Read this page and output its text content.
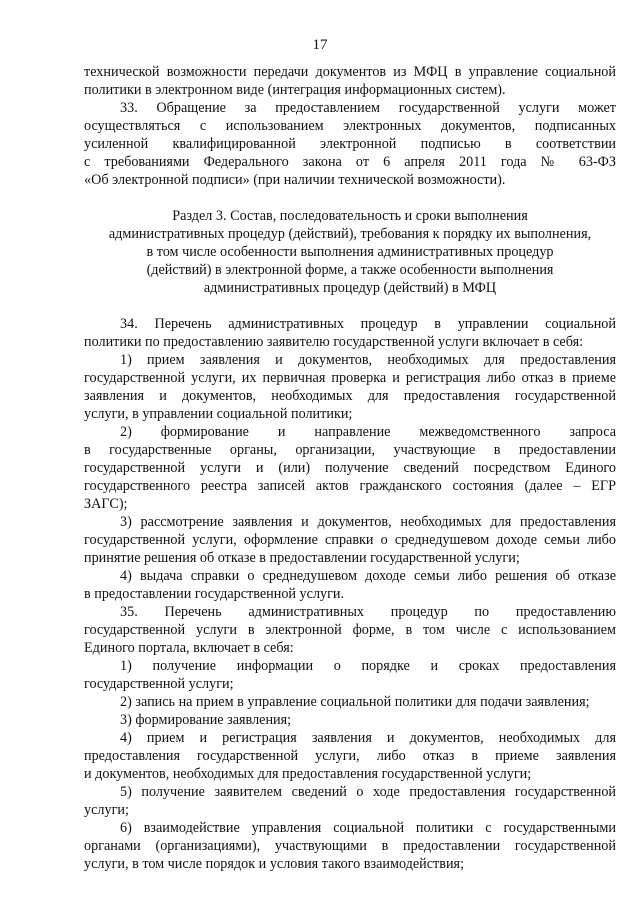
17
технической возможности передачи документов из МФЦ в управление социальной
политики в электронном виде (интеграция информационных систем).
33. Обращение за предоставлением государственной услуги может
осуществляться с использованием электронных документов, подписанных
усиленной квалифицированной электронной подписью в соответствии
с требованиями Федерального закона от 6 апреля 2011 года № 63-ФЗ
«Об электронной подписи» (при наличии технической возможности).
Раздел 3. Состав, последовательность и сроки выполнения
административных процедур (действий), требования к порядку их выполнения,
в том числе особенности выполнения административных процедур
(действий) в электронной форме, а также особенности выполнения
административных процедур (действий) в МФЦ
34. Перечень административных процедур в управлении социальной
политики по предоставлению заявителю государственной услуги включает в себя:
1) прием заявления и документов, необходимых для предоставления
государственной услуги, их первичная проверка и регистрация либо отказ в приеме
заявления и документов, необходимых для предоставления государственной
услуги, в управлении социальной политики;
2) формирование и направление межведомственного запроса
в государственные органы, организации, участвующие в предоставлении
государственной услуги и (или) получение сведений посредством Единого
государственного реестра записей актов гражданского состояния (далее – ЕГР
ЗАГС);
3) рассмотрение заявления и документов, необходимых для предоставления
государственной услуги, оформление справки о среднедушевом доходе семьи либо
принятие решения об отказе в предоставлении государственной услуги;
4) выдача справки о среднедушевом доходе семьи либо решения об отказе
в предоставлении государственной услуги.
35. Перечень административных процедур по предоставлению
государственной услуги в электронной форме, в том числе с использованием
Единого портала, включает в себя:
1) получение информации о порядке и сроках предоставления
государственной услуги;
2) запись на прием в управление социальной политики для подачи заявления;
3) формирование заявления;
4) прием и регистрация заявления и документов, необходимых для
предоставления государственной услуги, либо отказ в приеме заявления
и документов, необходимых для предоставления государственной услуги;
5) получение заявителем сведений о ходе предоставления государственной
услуги;
6) взаимодействие управления социальной политики с государственными
органами (организациями), участвующими в предоставлении государственной
услуги, в том числе порядок и условия такого взаимодействия;
